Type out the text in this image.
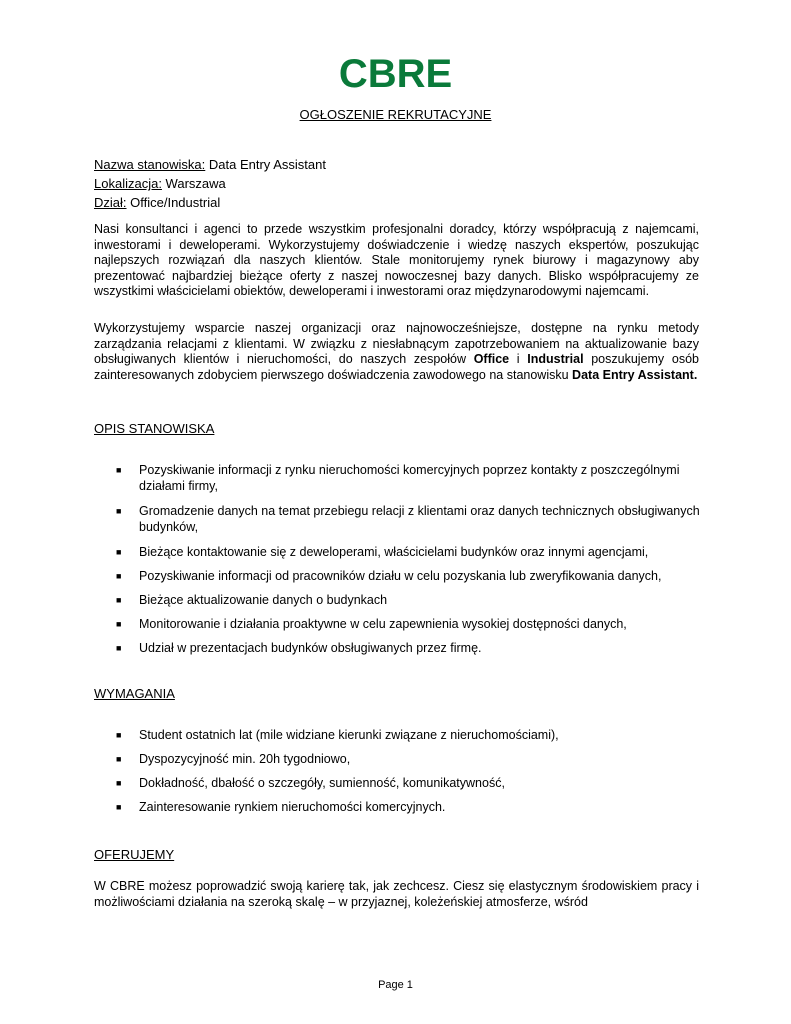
CBRE
OGŁOSZENIE REKRUTACYJNE
Nazwa stanowiska: Data Entry Assistant
Lokalizacja: Warszawa
Dział: Office/Industrial
Nasi konsultanci i agenci to przede wszystkim profesjonalni doradcy, którzy współpracują z najemcami, inwestorami i deweloperami. Wykorzystujemy doświadczenie i wiedzę naszych ekspertów, poszukując najlepszych rozwiązań dla naszych klientów. Stale monitorujemy rynek biurowy i magazynowy aby prezentować najbardziej bieżące oferty z naszej nowoczesnej bazy danych. Blisko współpracujemy ze wszystkimi właścicielami obiektów, deweloperami i inwestorami oraz międzynarodowymi najemcami.
Wykorzystujemy wsparcie naszej organizacji oraz najnowocześniejsze, dostępne na rynku metody zarządzania relacjami z klientami. W związku z niesłabnącym zapotrzebowaniem na aktualizowanie bazy obsługiwanych klientów i nieruchomości, do naszych zespołów Office i Industrial poszukujemy osób zainteresowanych zdobyciem pierwszego doświadczenia zawodowego na stanowisku Data Entry Assistant.
OPIS STANOWISKA
■ Pozyskiwanie informacji z rynku nieruchomości komercyjnych poprzez kontakty z poszczególnymi działami firmy,
■ Gromadzenie danych na temat przebiegu relacji z klientami oraz danych technicznych obsługiwanych budynków,
■ Bieżące kontaktowanie się z deweloperami, właścicielami budynków oraz innymi agencjami,
■ Pozyskiwanie informacji od pracowników działu w celu pozyskania lub zweryfikowania danych,
■ Bieżące aktualizowanie danych o budynkach
■ Monitorowanie i działania proaktywne w celu zapewnienia wysokiej dostępności danych,
■ Udział w prezentacjach budynków obsługiwanych przez firmę.
WYMAGANIA
■ Student ostatnich lat (mile widziane kierunki związane z nieruchomościami),
■ Dyspozycyjność min. 20h tygodniowo,
■ Dokładność, dbałość o szczegóły, sumienność, komunikatywność,
■ Zainteresowanie rynkiem nieruchomości komercyjnych.
OFERUJEMY
W CBRE możesz poprowadzić swoją karierę tak, jak zechcesz. Ciesz się elastycznym środowiskiem pracy i możliwościami działania na szeroką skalę – w przyjaznej, koleżeńskiej atmosferze, wśród
Page 1
